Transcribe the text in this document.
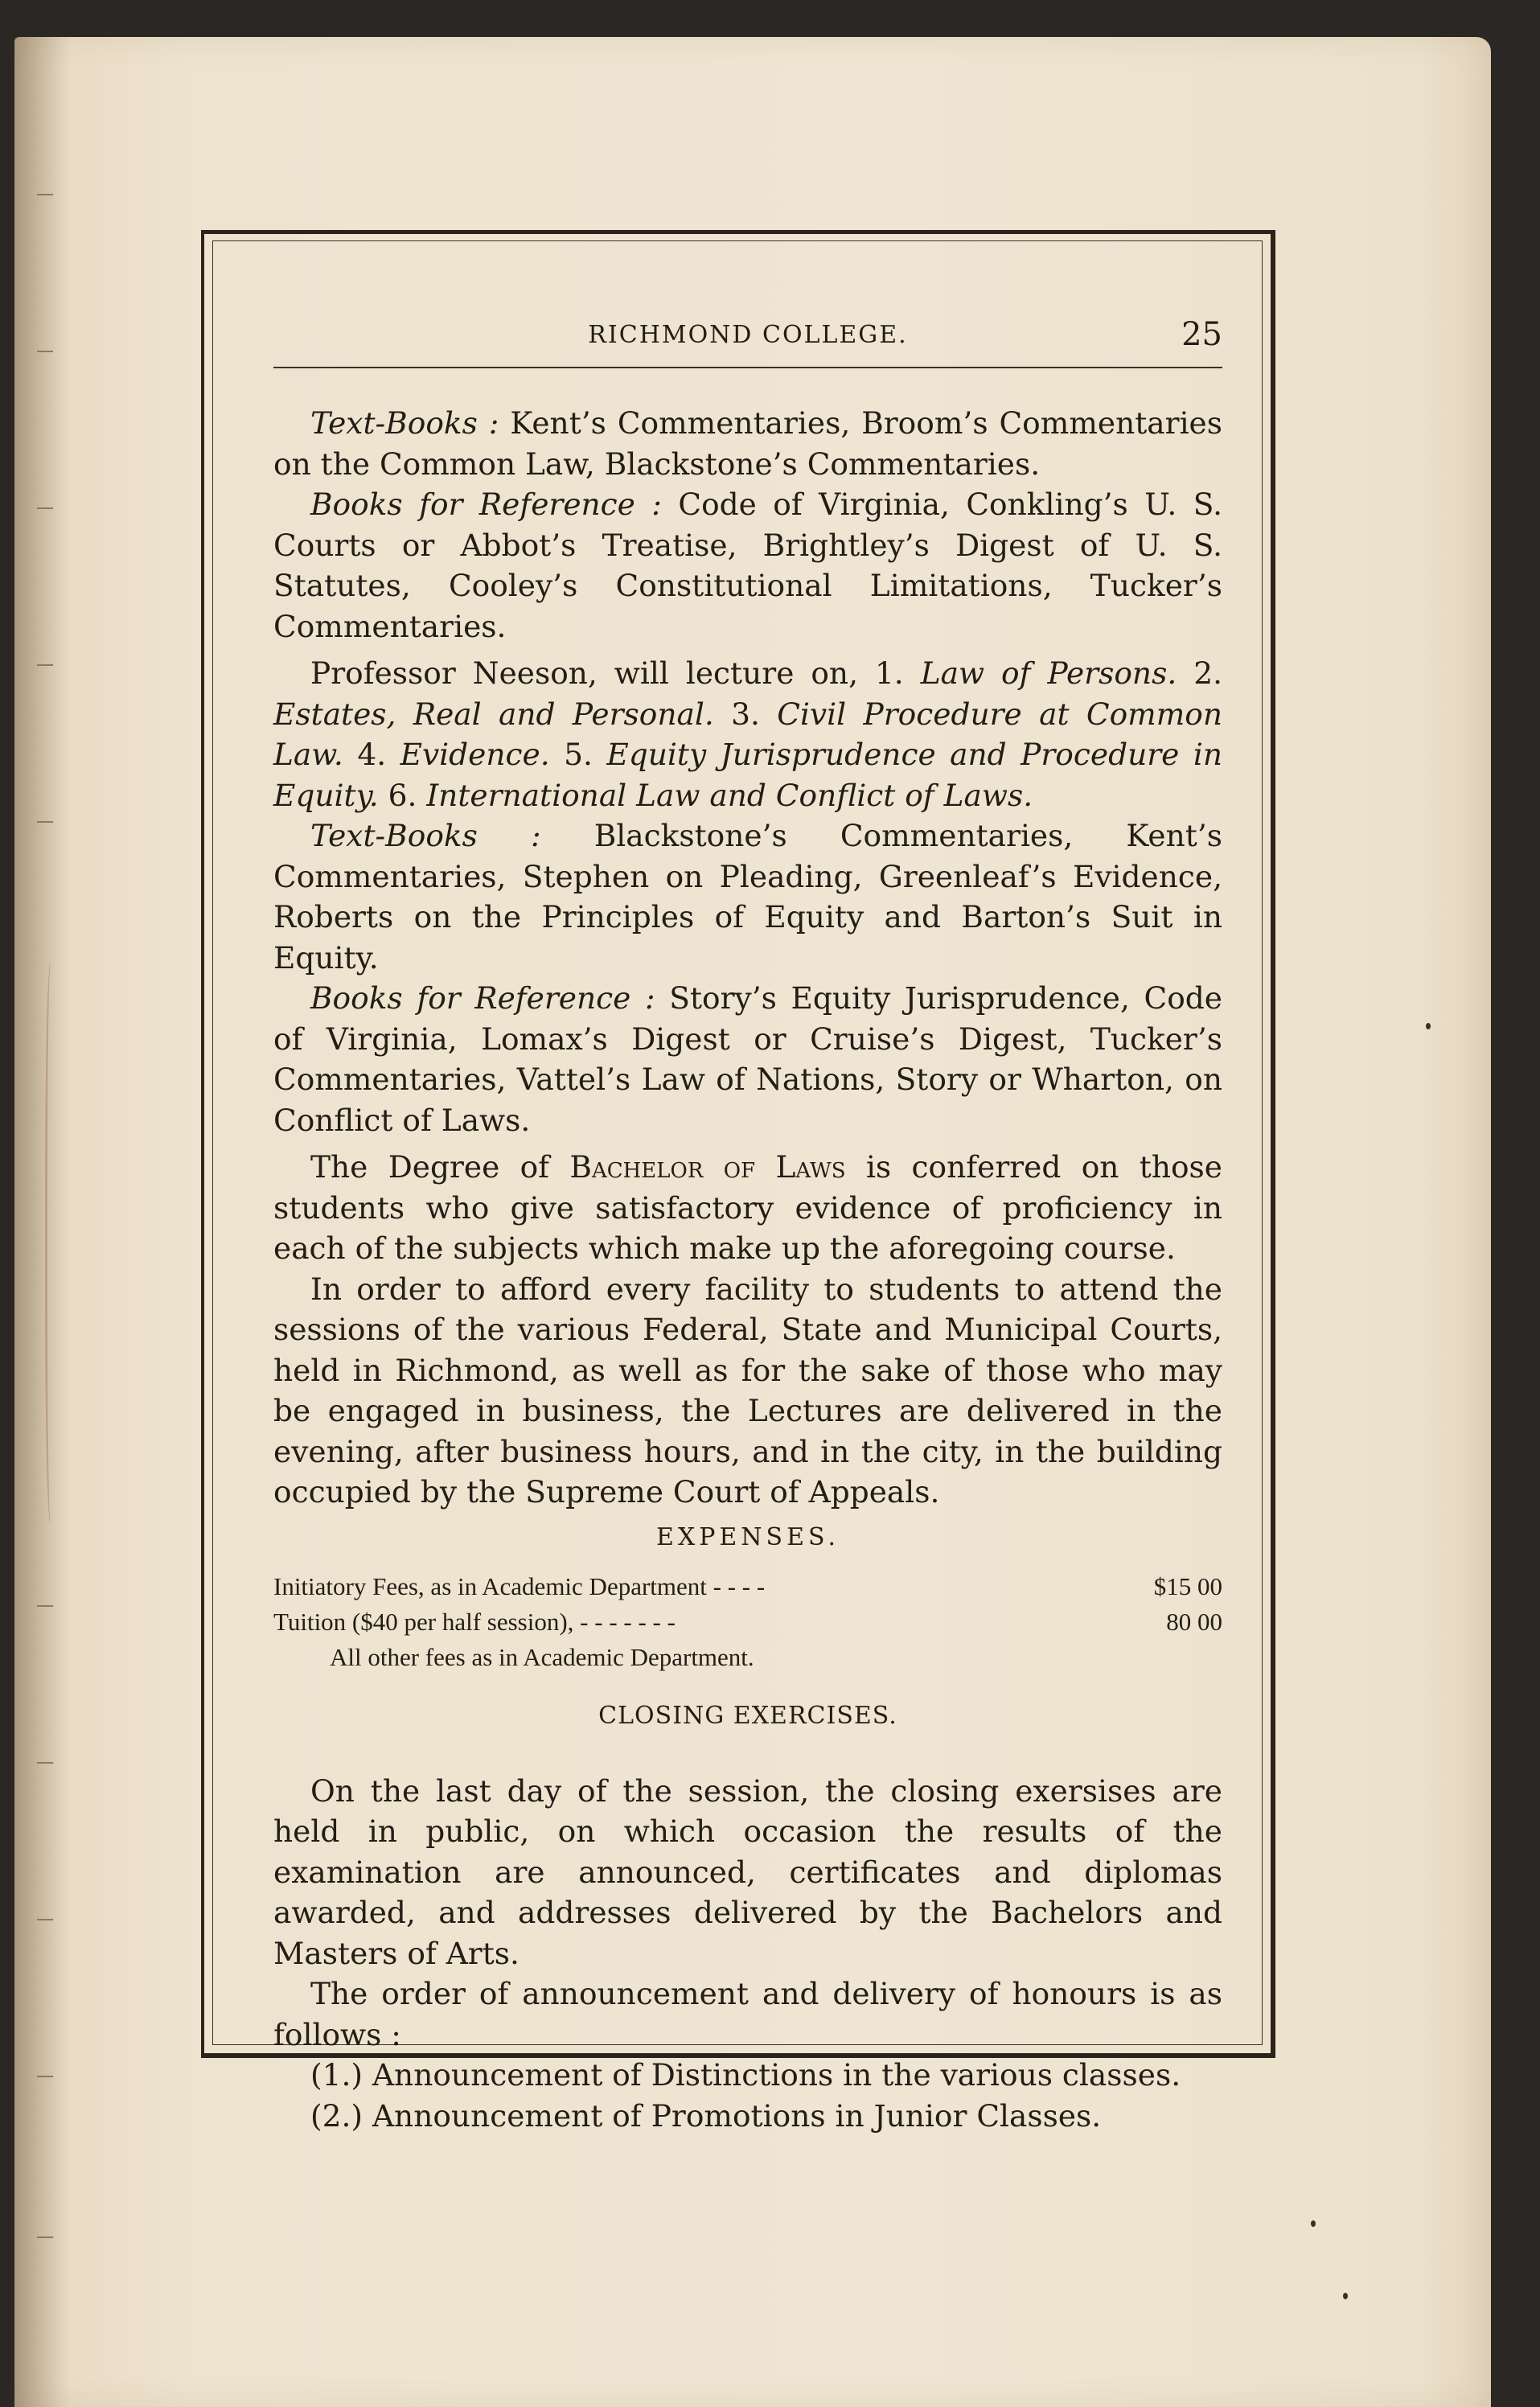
RICHMOND COLLEGE.	25

Text-Books : Kent’s Commentaries, Broom’s Commentaries on the Common Law, Blackstone’s Commentaries.

Books for Reference : Code of Virginia, Conkling’s U. S. Courts or Abbot’s Treatise, Brightley’s Digest of U. S. Statutes, Cooley’s Constitutional Limitations, Tucker’s Commentaries.

Professor Neeson, will lecture on, 1. Law of Persons. 2. Estates, Real and Personal. 3. Civil Procedure at Common Law. 4. Evidence. 5. Equity Jurisprudence and Procedure in Equity. 6. International Law and Conflict of Laws.

Text-Books : Blackstone’s Commentaries, Kent’s Commentaries, Stephen on Pleading, Greenleaf’s Evidence, Roberts on the Principles of Equity and Barton’s Suit in Equity.

Books for Reference : Story’s Equity Jurisprudence, Code of Virginia, Lomax’s Digest or Cruise’s Digest, Tucker’s Commentaries, Vattel’s Law of Nations, Story or Wharton, on Conflict of Laws.

The Degree of Bachelor of Laws is conferred on those students who give satisfactory evidence of proficiency in each of the subjects which make up the aforegoing course.

In order to afford every facility to students to attend the sessions of the various Federal, State and Municipal Courts, held in Richmond, as well as for the sake of those who may be engaged in business, the Lectures are delivered in the evening, after business hours, and in the city, in the building occupied by the Supreme Court of Appeals.

EXPENSES.

Initiatory Fees, as in Academic Department - - - -	$15 00
Tuition ($40 per half session), - - - - - - -	80 00
All other fees as in Academic Department.

CLOSING EXERCISES.

On the last day of the session, the closing exersises are held in public, on which occasion the results of the examination are announced, certificates and diplomas awarded, and addresses delivered by the Bachelors and Masters of Arts.

The order of announcement and delivery of honours is as follows :

(1.) Announcement of Distinctions in the various classes.

(2.) Announcement of Promotions in Junior Classes.
